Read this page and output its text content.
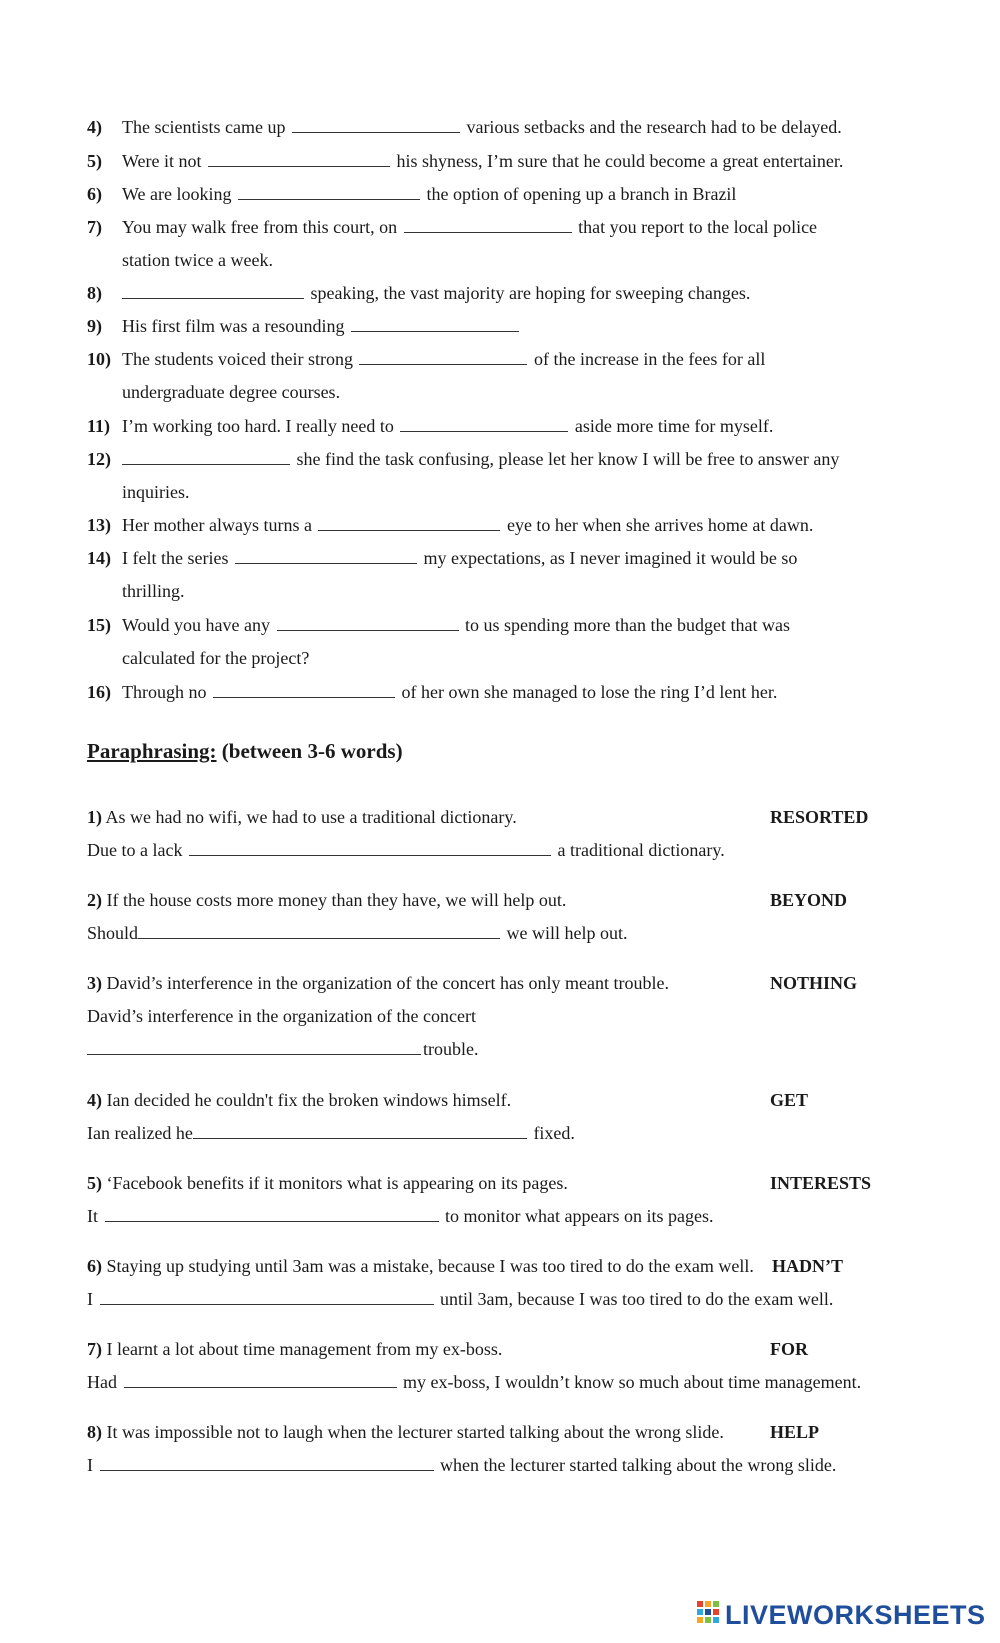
4) The scientists came up	various setbacks and the research had to be delayed.
5) Were it not	his shyness, I’m sure that he could become a great entertainer.
6) We are looking	the option of opening up a branch in Brazil
7) You may walk free from this court, on	that you report to the local police
station twice a week.
8)	speaking, the vast majority are hoping for sweeping changes.
9) His first film was a resounding
10) The students voiced their strong	of the increase in the fees for all
undergraduate degree courses.
11) I’m working too hard. I really need to	aside more time for myself.
12)	she find the task confusing, please let her know I will be free to answer any
inquiries.
13) Her mother always turns a	eye to her when she arrives home at dawn.
14) I felt the series	my expectations, as I never imagined it would be so
thrilling.
15) Would you have any	to us spending more than the budget that was
calculated for the project?
16) Through no	of her own she managed to lose the ring I’d lent her.
Paraphrasing: (between 3-6 words)
1) As we had no wifi, we had to use a traditional dictionary.	RESORTED
Due to a lack	a traditional dictionary.
2) If the house costs more money than they have, we will help out.	BEYOND
Should	we will help out.
3) David’s interference in the organization of the concert has only meant trouble.	NOTHING
David’s interference in the organization of the concert
trouble.
4) Ian decided he couldn't fix the broken windows himself.	GET
Ian realized he	fixed.
5) ‘Facebook benefits if it monitors what is appearing on its pages.	INTERESTS
It	to monitor what appears on its pages.
6) Staying up studying until 3am was a mistake, because I was too tired to do the exam well. HADN’T
I	until 3am, because I was too tired to do the exam well.
7) I learnt a lot about time management from my ex-boss.	FOR
Had	my ex-boss, I wouldn’t know so much about time management.
8) It was impossible not to laugh when the lecturer started talking about the wrong slide.	HELP
I	when the lecturer started talking about the wrong slide.
LIVEWORKSHEETS
